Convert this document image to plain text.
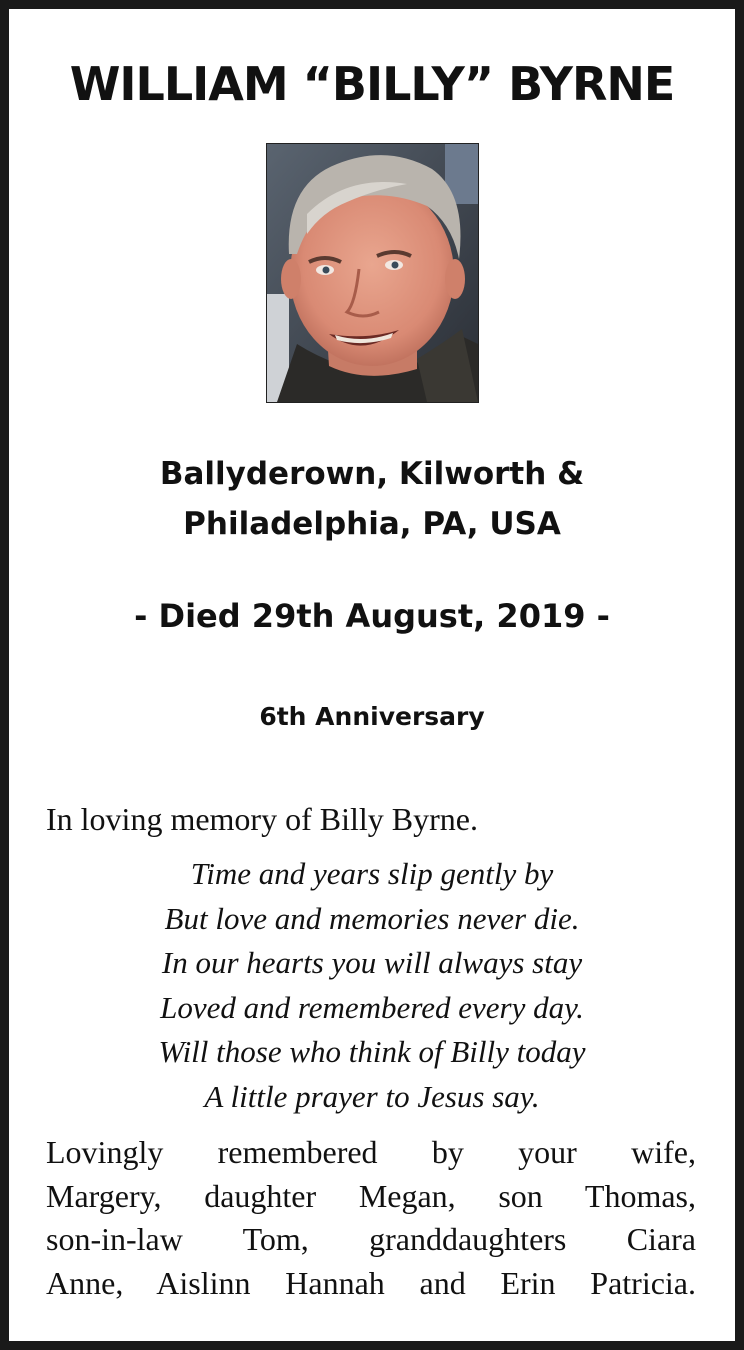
WILLIAM “BILLY” BYRNE
Ballyderown, Kilworth &
Philadelphia, PA, USA
- Died 29th August, 2019 -
6th Anniversary
In loving memory of Billy Byrne.
Time and years slip gently by
But love and memories never die.
In our hearts you will always stay
Loved and remembered every day.
Will those who think of Billy today
A little prayer to Jesus say.
Lovingly remembered by your wife,
Margery, daughter Megan, son Thomas,
son-in-law Tom, granddaughters Ciara
Anne, Aislinn Hannah and Erin Patricia.
